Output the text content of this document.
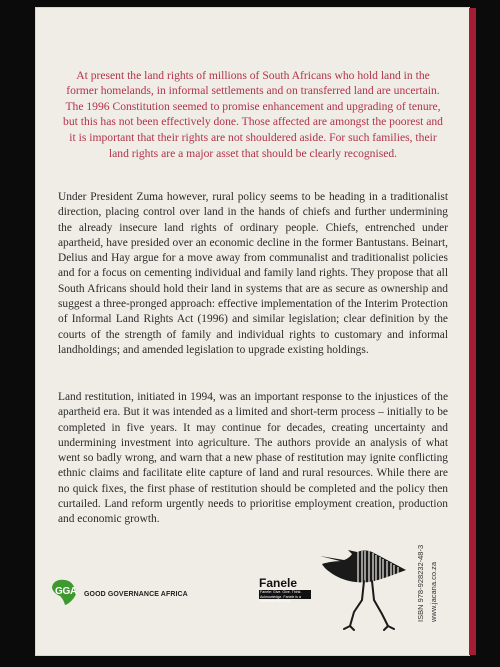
At present the land rights of millions of South Africans who hold land in the former homelands, in informal settlements and on transferred land are uncertain. The 1996 Constitution seemed to promise enhancement and upgrading of tenure, but this has not been effectively done. Those affected are amongst the poorest and it is important that their rights are not shouldered aside. For such families, their land rights are a major asset that should be clearly recognised.

Under President Zuma however, rural policy seems to be heading in a traditionalist direction, placing control over land in the hands of chiefs and further undermining the already insecure land rights of ordinary people. Chiefs, entrenched under apartheid, have presided over an economic decline in the former Bantustans. Beinart, Delius and Hay argue for a move away from communalist and traditionalist policies and for a focus on cementing individual and family land rights. They propose that all South Africans should hold their land in systems that are as secure as ownership and suggest a three-pronged approach: effective implementation of the Interim Protection of Informal Land Rights Act (1996) and similar legislation; clear definition by the courts of the strength of family and individual rights to customary and informal landholdings; and amended legislation to upgrade existing holdings.

Land restitution, initiated in 1994, was an important response to the injustices of the apartheid era. But it was intended as a limited and short-term process – initially to be completed in five years. It may continue for decades, creating uncertainty and undermining investment into agriculture. The authors provide an analysis of what went so badly wrong, and warn that a new phase of restitution may ignite conflicting ethnic claims and facilitate elite capture of land and rural resources. While there are no quick fixes, the first phase of restitution should be completed and the policy then curtailed. Land reform urgently needs to prioritise employment creation, production and economic growth.

GGA GOOD GOVERNANCE AFRICA
Fanele
Fanele: Give. Give. Think. Acknowledge. Fanele is a contemporary book	ISBN 978-928232-48-3 www.jacana.co.za
